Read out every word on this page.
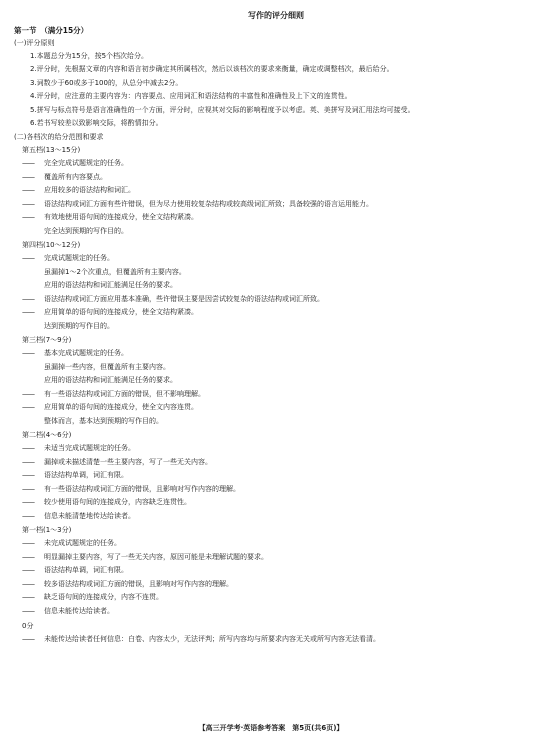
写作的评分细则
第一节　（满分15分）
(一)评分原则
1.本题总分为15分，按5个档次给分。
2.评分时，先根据文章的内容和语言初步确定其所属档次，然后以该档次的要求来衡量，确定或调整档次，最后给分。
3.词数少于60或多于100的，从总分中减去2分。
4.评分时，应注意的主要内容为：内容要点、应用词汇和语法结构的丰富性和准确性及上下文的连贯性。
5.拼写与标点符号是语言准确性的一个方面，评分时，应视其对交际的影响程度予以考虑。英、美拼写及词汇用法均可接受。
6.若书写较差以致影响交际，将酌情扣分。
(二)各档次的给分范围和要求
第五档(13～15分)
—— 完全完成试题规定的任务。
—— 覆盖所有内容要点。
—— 应用较多的语法结构和词汇。
—— 语法结构或词汇方面有些许错误，但为尽力使用较复杂结构或较高级词汇所致；具备较强的语言运用能力。
—— 有效地使用语句间的连接成分，使全文结构紧凑。
完全达到预期的写作目的。
第四档(10～12分)
—— 完成试题规定的任务。
虽漏掉1～2个次重点，但覆盖所有主要内容。
应用的语法结构和词汇能满足任务的要求。
—— 语法结构或词汇方面应用基本准确，些许错误主要是因尝试较复杂的语法结构或词汇所致。
—— 应用简单的语句间的连接成分，使全文结构紧凑。
达到预期的写作目的。
第三档(7～9分)
—— 基本完成试题规定的任务。
虽漏掉一些内容，但覆盖所有主要内容。
应用的语法结构和词汇能满足任务的要求。
—— 有一些语法结构或词汇方面的错误，但不影响理解。
—— 应用简单的语句间的连接成分，使全文内容连贯。
整体而言，基本达到预期的写作目的。
第二档(4～6分)
—— 未适当完成试题规定的任务。
—— 漏掉或未描述清楚一些主要内容，写了一些无关内容。
—— 语法结构单调，词汇有限。
—— 有一些语法结构或词汇方面的错误，且影响对写作内容的理解。
—— 较少使用语句间的连接成分，内容缺乏连贯性。
—— 信息未能清楚地传达给读者。
第一档(1～3分)
—— 未完成试题规定的任务。
—— 明显漏掉主要内容，写了一些无关内容，原因可能是未理解试题的要求。
—— 语法结构单调，词汇有限。
—— 较多语法结构或词汇方面的错误，且影响对写作内容的理解。
—— 缺乏语句间的连接成分，内容不连贯。
—— 信息未能传达给读者。
0分
—— 未能传达给读者任何信息：白卷、内容太少，无法评判；所写内容均与所要求内容无关或所写内容无法看清。
【高三开学考·英语参考答案　第5页(共6页)】
